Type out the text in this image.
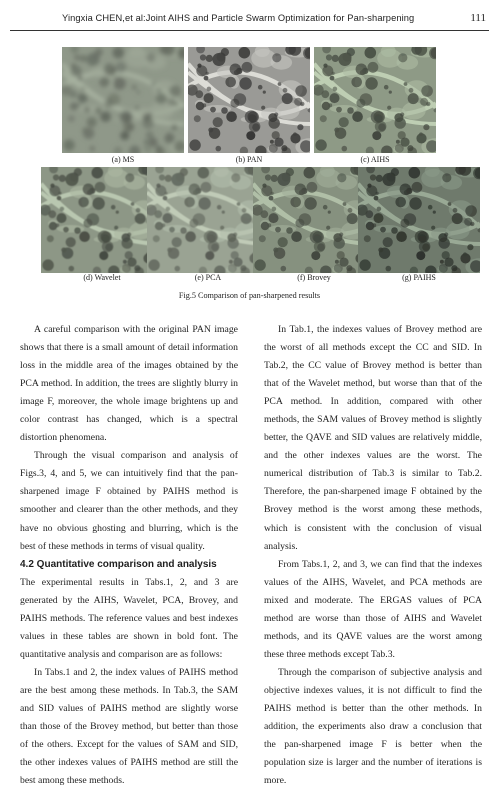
Yingxia CHEN,et al:Joint AIHS and Particle Swarm Optimization for Pan-sharpening	111
(a) MS	(b) PAN	(c) AIHS
(d) Wavelet	(e) PCA	(f) Brovey	(g) PAIHS
Fig.5 Comparison of pan-sharpened results

A careful comparison with the original PAN image shows that there is a small amount of detail information loss in the middle area of the images obtained by the PCA method. In addition, the trees are slightly blurry in image F, moreover, the whole image brightens up and color contrast has changed, which is a spectral distortion phenomena.

Through the visual comparison and analysis of Figs.3, 4, and 5, we can intuitively find that the pan-sharpened image F obtained by PAIHS method is smoother and clearer than the other methods, and they have no obvious ghosting and blurring, which is the best of these methods in terms of visual quality.

4.2 Quantitative comparison and analysis

The experimental results in Tabs.1, 2, and 3 are generated by the AIHS, Wavelet, PCA, Brovey, and PAIHS methods. The reference values and best indexes values in these tables are shown in bold font. The quantitative analysis and comparison are as follows:

In Tabs.1 and 2, the index values of PAIHS method are the best among these methods. In Tab.3, the SAM and SID values of PAIHS method are slightly worse than those of the Brovey method, but better than those of the others. Except for the values of SAM and SID, the other indexes values of PAIHS method are still the best among these methods.

In Tab.1, the indexes values of Brovey method are the worst of all methods except the CC and SID. In Tab.2, the CC value of Brovey method is better than that of the Wavelet method, but worse than that of the PCA method. In addition, compared with other methods, the SAM values of Brovey method is slightly better, the QAVE and SID values are relatively middle, and the other indexes values are the worst. The numerical distribution of Tab.3 is similar to Tab.2. Therefore, the pan-sharpened image F obtained by the Brovey method is the worst among these methods, which is consistent with the conclusion of visual analysis.

From Tabs.1, 2, and 3, we can find that the indexes values of the AIHS, Wavelet, and PCA methods are mixed and moderate. The ERGAS values of PCA method are worse than those of AIHS and Wavelet methods, and its QAVE values are the worst among these three methods except Tab.3.

Through the comparison of subjective analysis and objective indexes values, it is not difficult to find the PAIHS method is better than the other methods. In addition, the experiments also draw a conclusion that the pan-sharpened image F is better when the population size is larger and the number of iterations is more.
